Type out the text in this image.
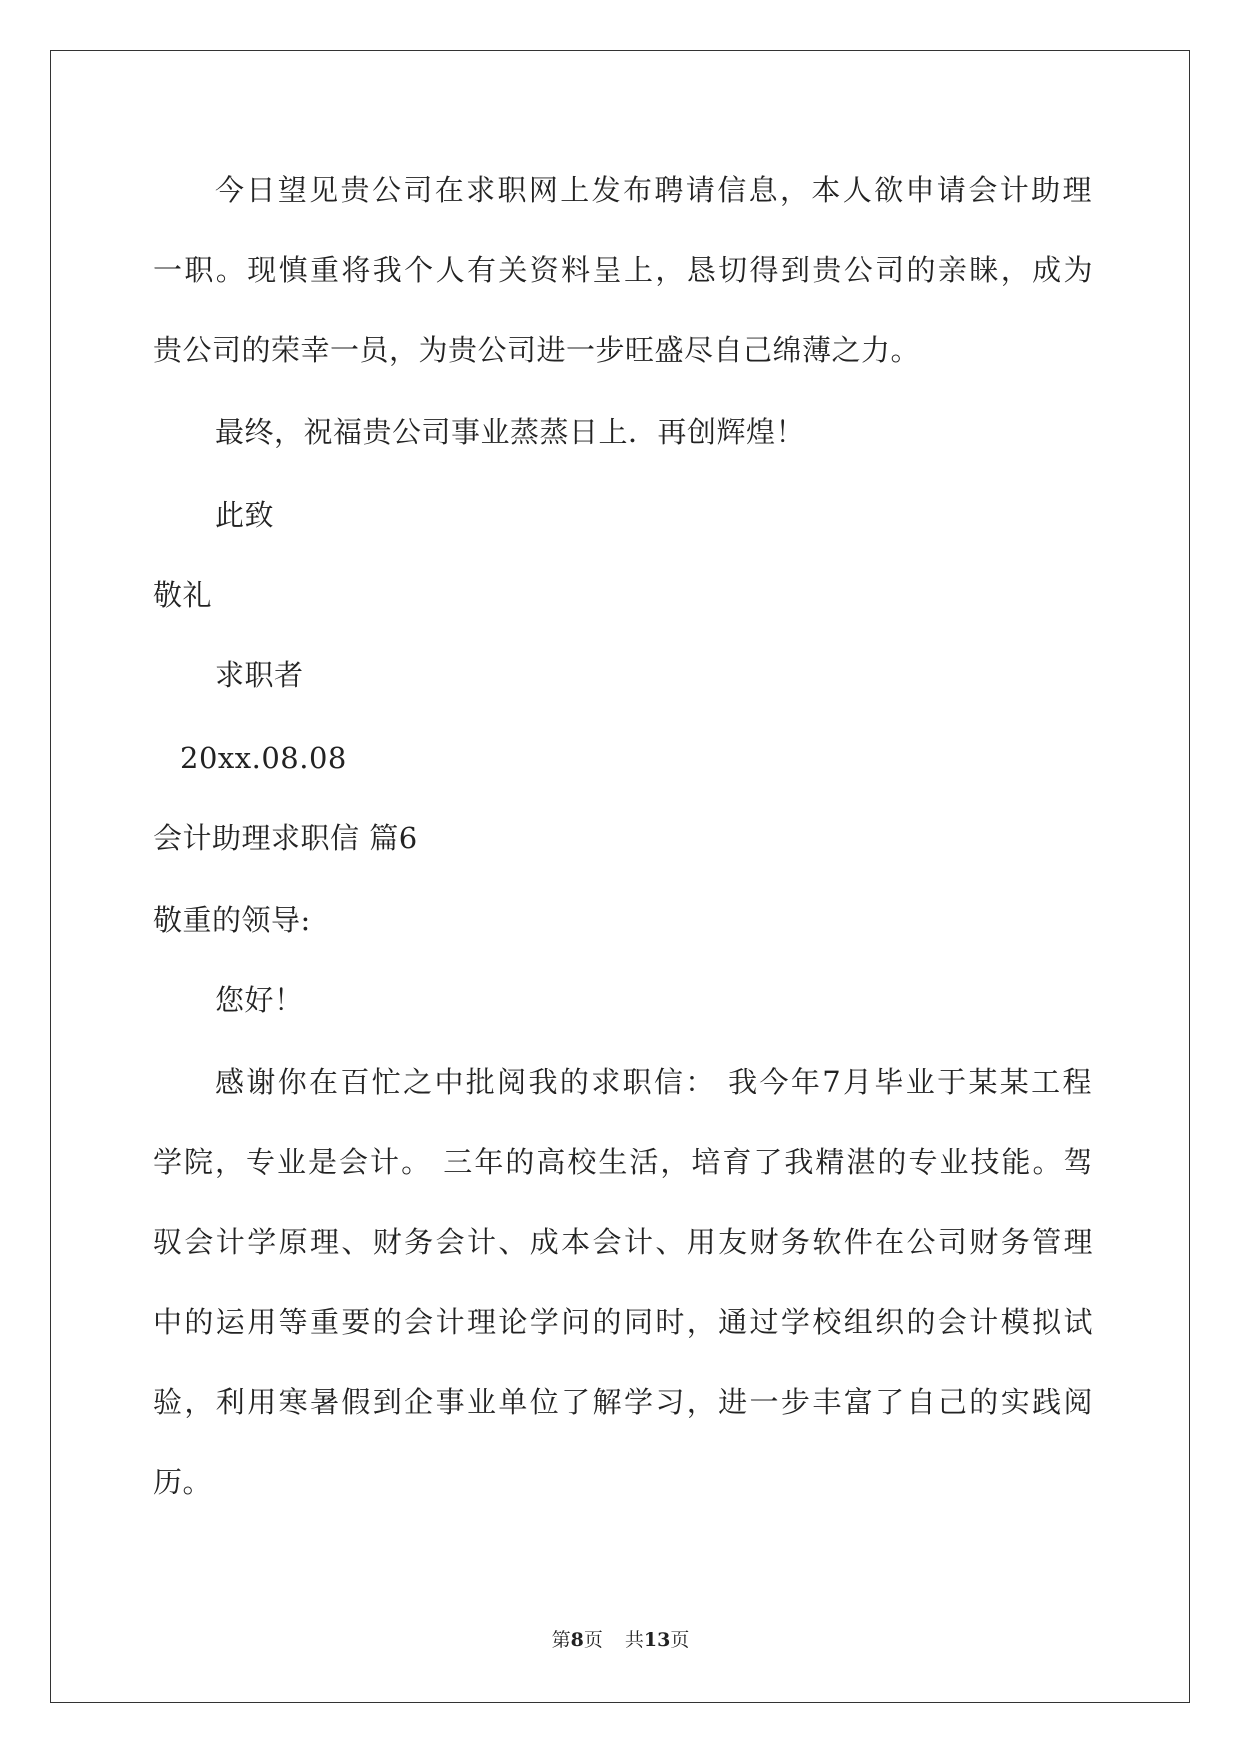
今日望见贵公司在求职网上发布聘请信息，本人欲申请会计助理
一职。现慎重将我个人有关资料呈上，恳切得到贵公司的亲睐，成为
贵公司的荣幸一员，为贵公司进一步旺盛尽自己绵薄之力。
最终，祝福贵公司事业蒸蒸日上．再创辉煌！
此致
敬礼
求职者
20xx.08.08
会计助理求职信 篇6
敬重的领导:
您好！
感谢你在百忙之中批阅我的求职信： 我今年7月毕业于某某工程
学院，专业是会计。 三年的高校生活，培育了我精湛的专业技能。驾
驭会计学原理、财务会计、成本会计、用友财务软件在公司财务管理
中的运用等重要的会计理论学问的同时，通过学校组织的会计模拟试
验，利用寒暑假到企事业单位了解学习，进一步丰富了自己的实践阅
历。
第8页 共13页
